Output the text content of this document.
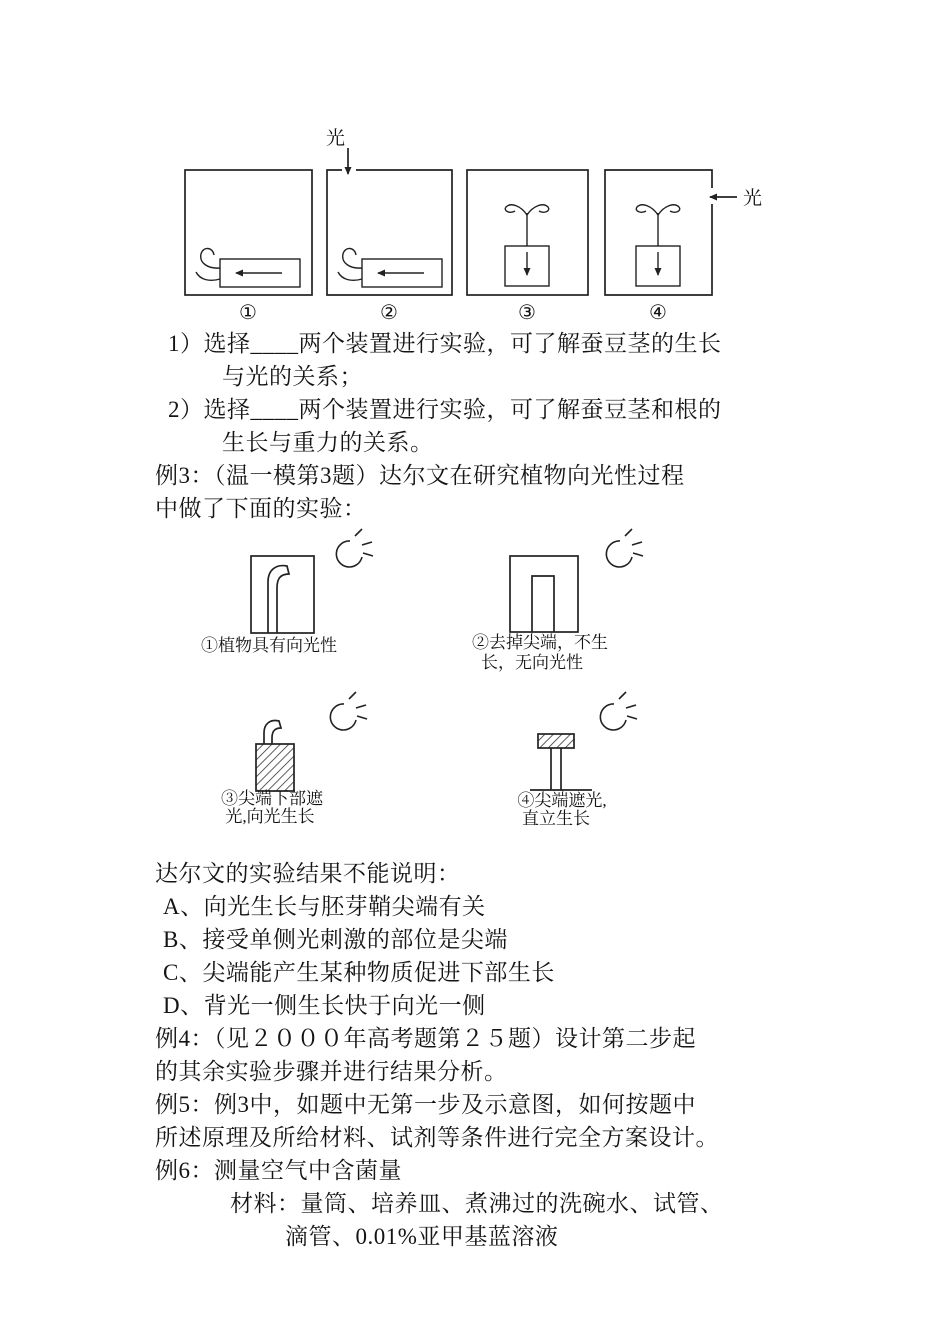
光
光
①	②	③	④
1）选择____两个装置进行实验，可了解蚕豆茎的生长
与光的关系；
2）选择____两个装置进行实验，可了解蚕豆茎和根的
生长与重力的关系。
例3：（温一模第3题）达尔文在研究植物向光性过程
中做了下面的实验：
①植物具有向光性	②去掉尖端，不生
长，无向光性
③尖端下部遮
光,向光生长
④尖端遮光,
直立生长
达尔文的实验结果不能说明：
A、向光生长与胚芽鞘尖端有关
B、接受单侧光刺激的部位是尖端
C、尖端能产生某种物质促进下部生长
D、背光一侧生长快于向光一侧
例4：（见２０００年高考题第２５题）设计第二步起
的其余实验步骤并进行结果分析。
例5：例3中，如题中无第一步及示意图，如何按题中
所述原理及所给材料、试剂等条件进行完全方案设计。
例6：测量空气中含菌量
材料：量筒、培养皿、煮沸过的洗碗水、试管、
滴管、0.01%亚甲基蓝溶液
